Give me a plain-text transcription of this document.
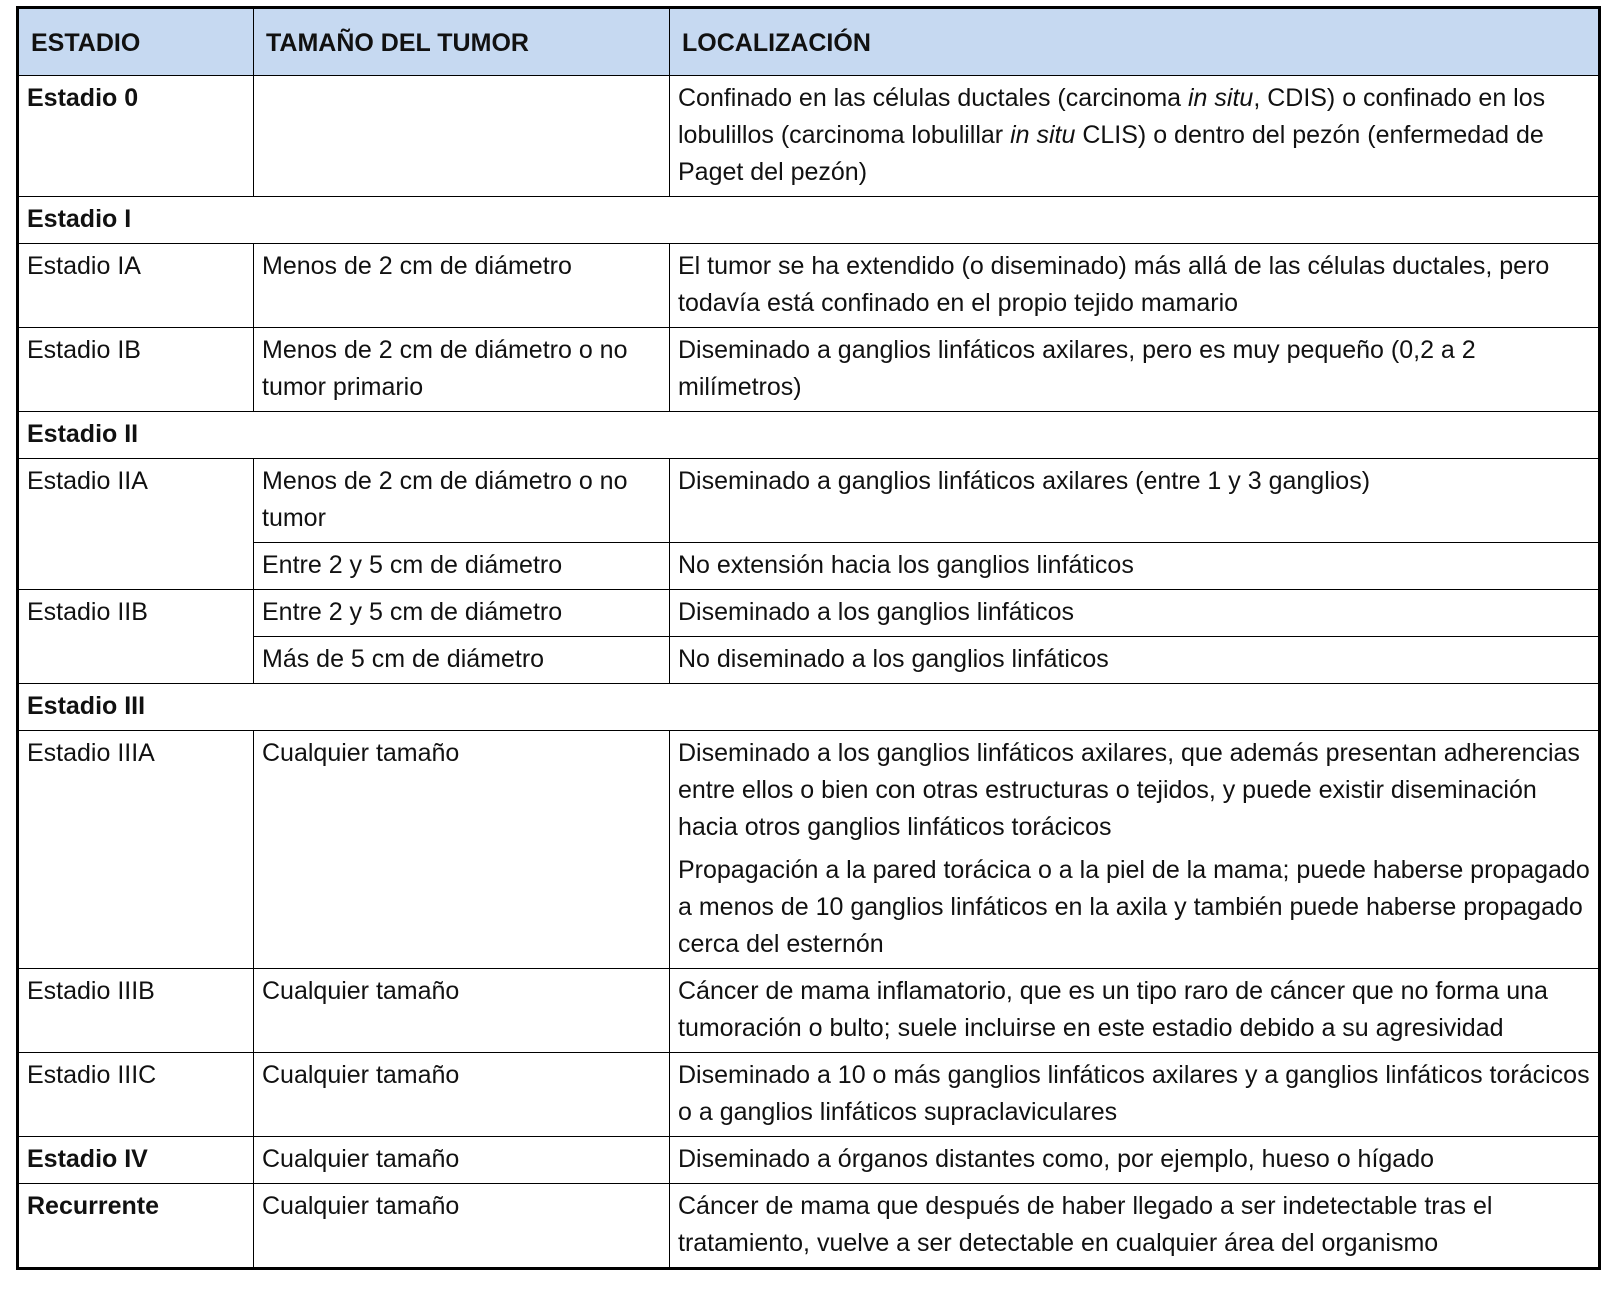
ESTADIO	TAMAÑO DEL TUMOR	LOCALIZACIÓN
Estadio 0		Confinado en las células ductales (carcinoma in situ, CDIS) o confinado en los lobulillos (carcinoma lobulillar in situ CLIS) o dentro del pezón (enfermedad de Paget del pezón)
Estadio I		
Estadio IA	Menos de 2 cm de diámetro	El tumor se ha extendido (o diseminado) más allá de las células ductales, pero todavía está confinado en el propio tejido mamario
Estadio IB	Menos de 2 cm de diámetro o no tumor primario	Diseminado a ganglios linfáticos axilares, pero es muy pequeño (0,2 a 2 milímetros)
Estadio II		
Estadio IIA	Menos de 2 cm de diámetro o no tumor	Diseminado a ganglios linfáticos axilares (entre 1 y 3 ganglios)
	Entre 2 y 5 cm de diámetro	No extensión hacia los ganglios linfáticos
Estadio IIB	Entre 2 y 5 cm de diámetro	Diseminado a los ganglios linfáticos
	Más de 5 cm de diámetro	No diseminado a los ganglios linfáticos
Estadio III		
Estadio IIIA	Cualquier tamaño	Diseminado a los ganglios linfáticos axilares, que además presentan adherencias entre ellos o bien con otras estructuras o tejidos, y puede existir diseminación hacia otros ganglios linfáticos torácicos
Propagación a la pared torácica o a la piel de la mama; puede haberse propagado a menos de 10 ganglios linfáticos en la axila y también puede haberse propagado cerca del esternón

Estadio IIIB	Cualquier tamaño	Cáncer de mama inflamatorio, que es un tipo raro de cáncer que no forma una tumoración o bulto; suele incluirse en este estadio debido a su agresividad
Estadio IIIC	Cualquier tamaño	Diseminado a 10 o más ganglios linfáticos axilares y a ganglios linfáticos torácicos o a ganglios linfáticos supraclaviculares
Estadio IV	Cualquier tamaño	Diseminado a órganos distantes como, por ejemplo, hueso o hígado
Recurrente	Cualquier tamaño	Cáncer de mama que después de haber llegado a ser indetectable tras el tratamiento, vuelve a ser detectable en cualquier área del organismo
